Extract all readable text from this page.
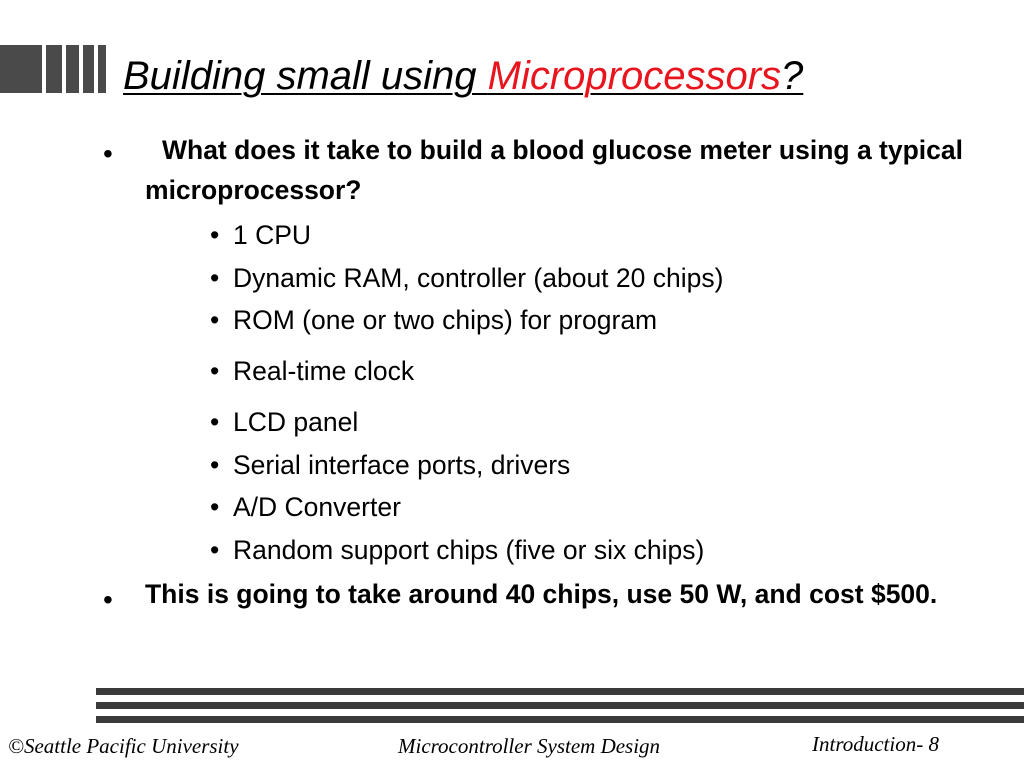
Building small using Microprocessors?
•	What does it take to build a blood glucose meter using a typical microprocessor?
• 1 CPU
• Dynamic RAM, controller (about 20 chips)
• ROM (one or two chips) for program
• Real-time clock
• LCD panel
• Serial interface ports, drivers
• A/D Converter
• Random support chips (five or six chips)
• This is going to take around 40 chips, use 50 W, and cost $500.
©Seattle Pacific University	Microcontroller System Design	Introduction- 8
